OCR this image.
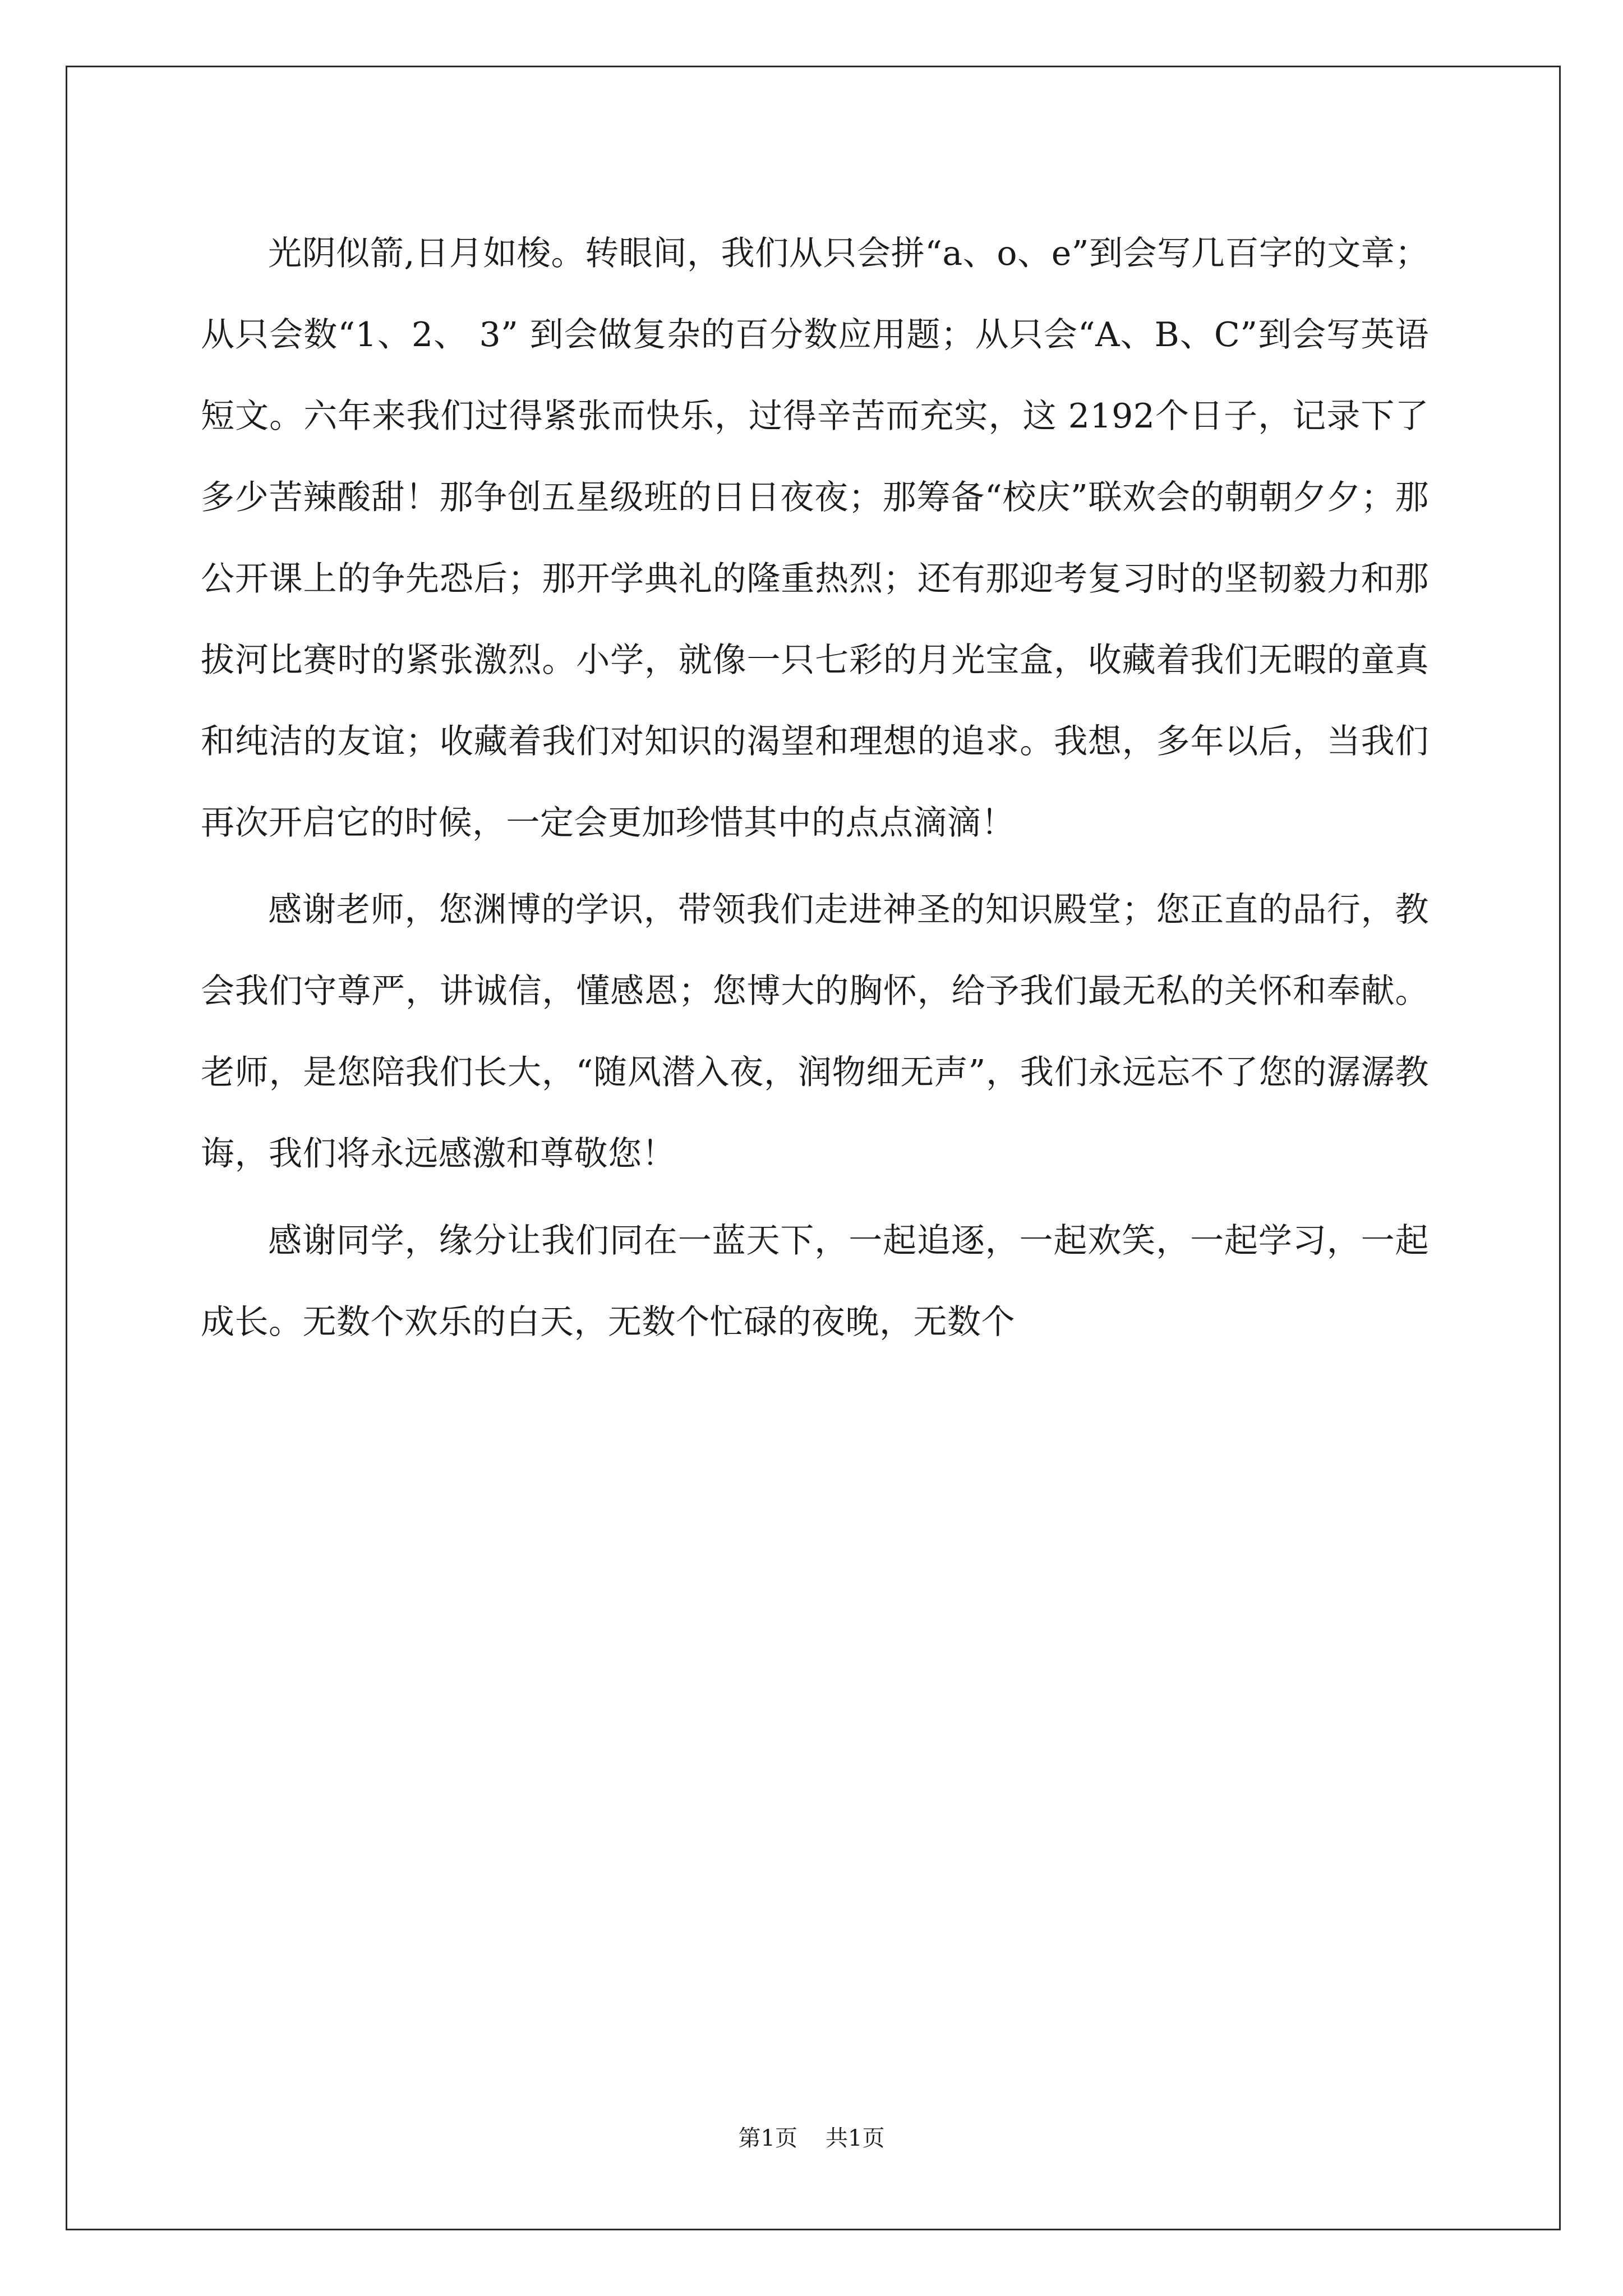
光阴似箭,日月如梭。转眼间，我们从只会拼“a、o、e”到会写几百字的文章；从只会数“1、2、 3” 到会做复杂的百分数应用题；从只会“A、B、C”到会写英语短文。六年来我们过得紧张而快乐，过得辛苦而充实，这 2192个日子，记录下了多少苦辣酸甜！那争创五星级班的日日夜夜；那筹备“校庆”联欢会的朝朝夕夕；那公开课上的争先恐后；那开学典礼的隆重热烈；还有那迎考复习时的坚韧毅力和那拔河比赛时的紧张激烈。小学，就像一只七彩的月光宝盒，收藏着我们无暇的童真和纯洁的友谊；收藏着我们对知识的渴望和理想的追求。我想，多年以后，当我们再次开启它的时候，一定会更加珍惜其中的点点滴滴！

感谢老师，您渊博的学识，带领我们走进神圣的知识殿堂；您正直的品行，教会我们守尊严，讲诚信，懂感恩；您博大的胸怀，给予我们最无私的关怀和奉献。老师，是您陪我们长大，“随风潜入夜，润物细无声”，我们永远忘不了您的潺潺教诲，我们将永远感激和尊敬您！

感谢同学，缘分让我们同在一蓝天下，一起追逐，一起欢笑，一起学习，一起成长。无数个欢乐的白天，无数个忙碌的夜晚，无数个

第1页 共1页
